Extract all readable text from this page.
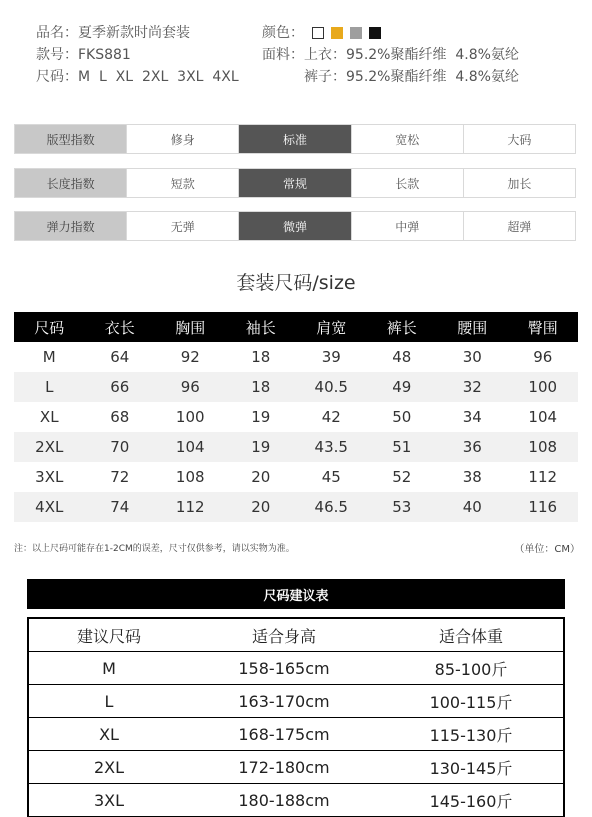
品名：夏季新款时尚套装
款号：FKS881
尺码：M  L  XL  2XL  3XL  4XL
颜色：
面料：上衣：95.2%聚酯纤维  4.8%氨纶
裤子：95.2%聚酯纤维  4.8%氨纶
版型指数	修身	标准	宽松	大码
长度指数	短款	常规	长款	加长
弹力指数	无弹	微弹	中弹	超弹
套装尺码/size
尺码	衣长	胸围	袖长	肩宽	裤长	腰围	臀围
M	64	92	18	39	48	30	96
L	66	96	18	40.5	49	32	100
XL	68	100	19	42	50	34	104
2XL	70	104	19	43.5	51	36	108
3XL	72	108	20	45	52	38	112
4XL	74	112	20	46.5	53	40	116
注：以上尺码可能存在1-2CM的误差，尺寸仅供参考，请以实物为准。	（单位：CM）
尺码建议表
建议尺码	适合身高	适合体重
M	158-165cm	85-100斤
L	163-170cm	100-115斤
XL	168-175cm	115-130斤
2XL	172-180cm	130-145斤
3XL	180-188cm	145-160斤
